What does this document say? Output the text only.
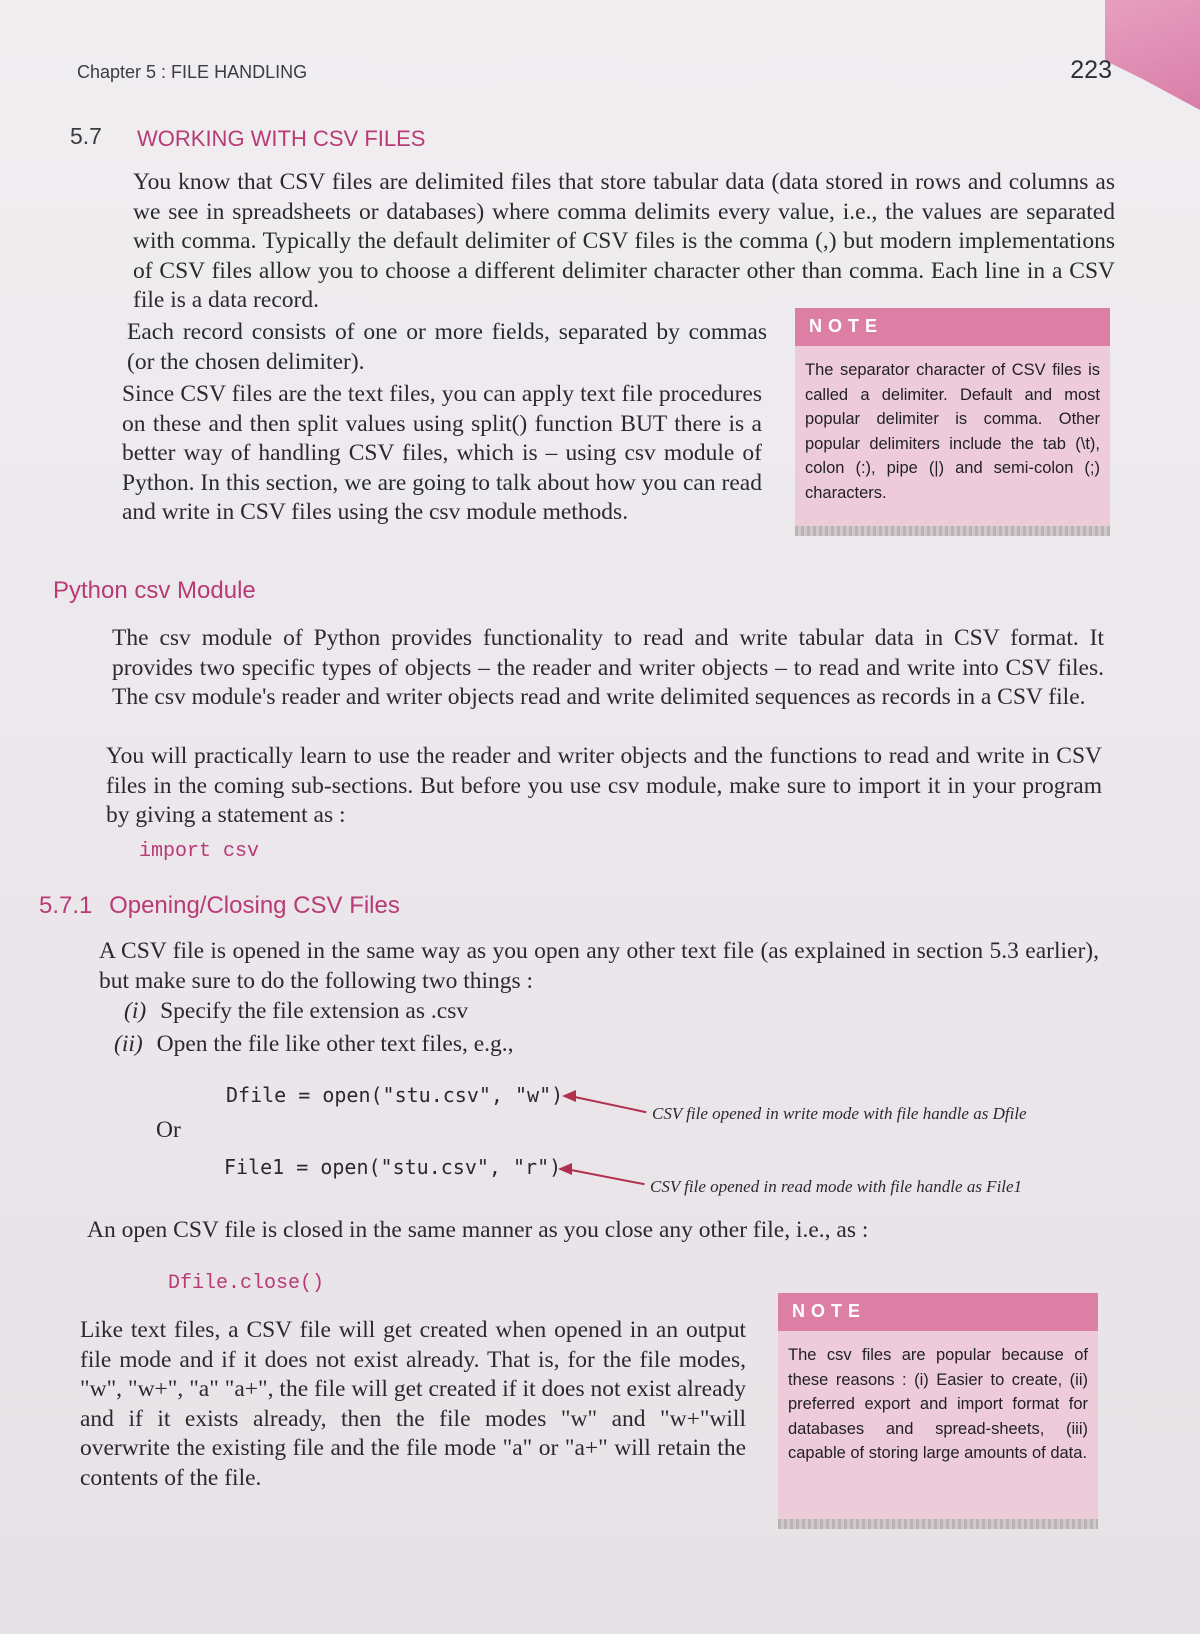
Chapter 5 : FILE HANDLING	223
5.7 WORKING WITH CSV FILES

You know that CSV files are delimited files that store tabular data (data stored in rows and columns as we see in spreadsheets or databases) where comma delimits every value, i.e., the values are separated with comma. Typically the default delimiter of CSV files is the comma (,) but modern implementations of CSV files allow you to choose a different delimiter character other than comma. Each line in a CSV file is a data record.

Each record consists of one or more fields, separated by commas (or the chosen delimiter).

Since CSV files are the text files, you can apply text file procedures on these and then split values using split() function BUT there is a better way of handling CSV files, which is – using csv module of Python. In this section, we are going to talk about how you can read and write in CSV files using the csv module methods.

NOTE
The separator character of CSV files is called a delimiter. Default and most popular delimiter is comma. Other popular delimiters include the tab (\t), colon (:), pipe (|) and semi-colon (;) characters.
Python csv Module

The csv module of Python provides functionality to read and write tabular data in CSV format. It provides two specific types of objects – the reader and writer objects – to read and write into CSV files. The csv module's reader and writer objects read and write delimited sequences as records in a CSV file.

You will practically learn to use the reader and writer objects and the functions to read and write in CSV files in the coming sub-sections. But before you use csv module, make sure to import it in your program by giving a statement as :

import csv
5.7.1 Opening/Closing CSV Files

A CSV file is opened in the same way as you open any other text file (as explained in section 5.3 earlier), but make sure to do the following two things :

(i) Specify the file extension as .csv
(ii) Open the file like other text files, e.g.,
Dfile = open("stu.csv", "w")
CSV file opened in write mode with file handle as Dfile
Or
File1 = open("stu.csv", "r")
CSV file opened in read mode with file handle as File1

An open CSV file is closed in the same manner as you close any other file, i.e., as :

Dfile.close()

Like text files, a CSV file will get created when opened in an output file mode and if it does not exist already. That is, for the file modes, "w", "w+", "a" "a+", the file will get created if it does not exist already and if it exists already, then the file modes "w" and "w+"will overwrite the existing file and the file mode "a" or "a+" will retain the contents of the file.

NOTE
The csv files are popular because of these reasons : (i) Easier to create, (ii) preferred export and import format for databases and spread-sheets, (iii) capable of storing large amounts of data.
